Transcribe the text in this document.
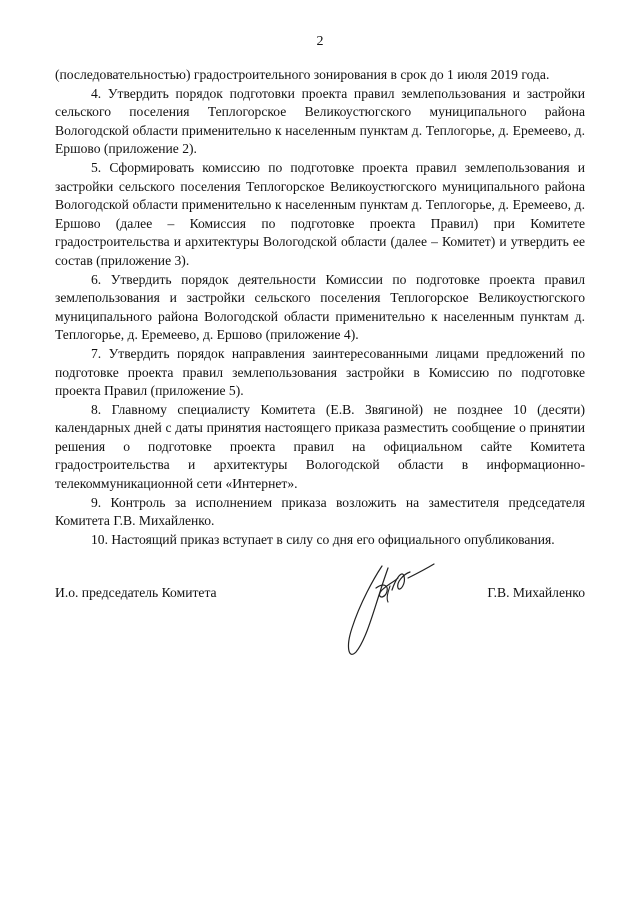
2

(последовательностью) градостроительного зонирования в срок до 1 июля 2019 года.

4. Утвердить порядок подготовки проекта правил землепользования и застройки сельского поселения Теплогорское Великоустюгского муниципального района Вологодской области применительно к населенным пунктам д. Теплогорье, д. Еремеево, д. Ершово (приложение 2).

5. Сформировать комиссию по подготовке проекта правил землепользования и застройки сельского поселения Теплогорское Великоустюгского муниципального района Вологодской области применительно к населенным пунктам д. Теплогорье, д. Еремеево, д. Ершово (далее – Комиссия по подготовке проекта Правил) при Комитете градостроительства и архитектуры Вологодской области (далее – Комитет) и утвердить ее состав (приложение 3).

6. Утвердить порядок деятельности Комиссии по подготовке проекта правил землепользования и застройки сельского поселения Теплогорское Великоустюгского муниципального района Вологодской области применительно к населенным пунктам д. Теплогорье, д. Еремеево, д. Ершово (приложение 4).

7. Утвердить порядок направления заинтересованными лицами предложений по подготовке проекта правил землепользования застройки в Комиссию по подготовке проекта Правил (приложение 5).

8. Главному специалисту Комитета (Е.В. Звягиной) не позднее 10 (десяти) календарных дней с даты принятия настоящего приказа разместить сообщение о принятии решения о подготовке проекта правил на официальном сайте Комитета градостроительства и архитектуры Вологодской области в информационно-телекоммуникационной сети «Интернет».

9. Контроль за исполнением приказа возложить на заместителя председателя Комитета Г.В. Михайленко.

10. Настоящий приказ вступает в силу со дня его официального опубликования.

И.о. председатель Комитета	Г.В. Михайленко
